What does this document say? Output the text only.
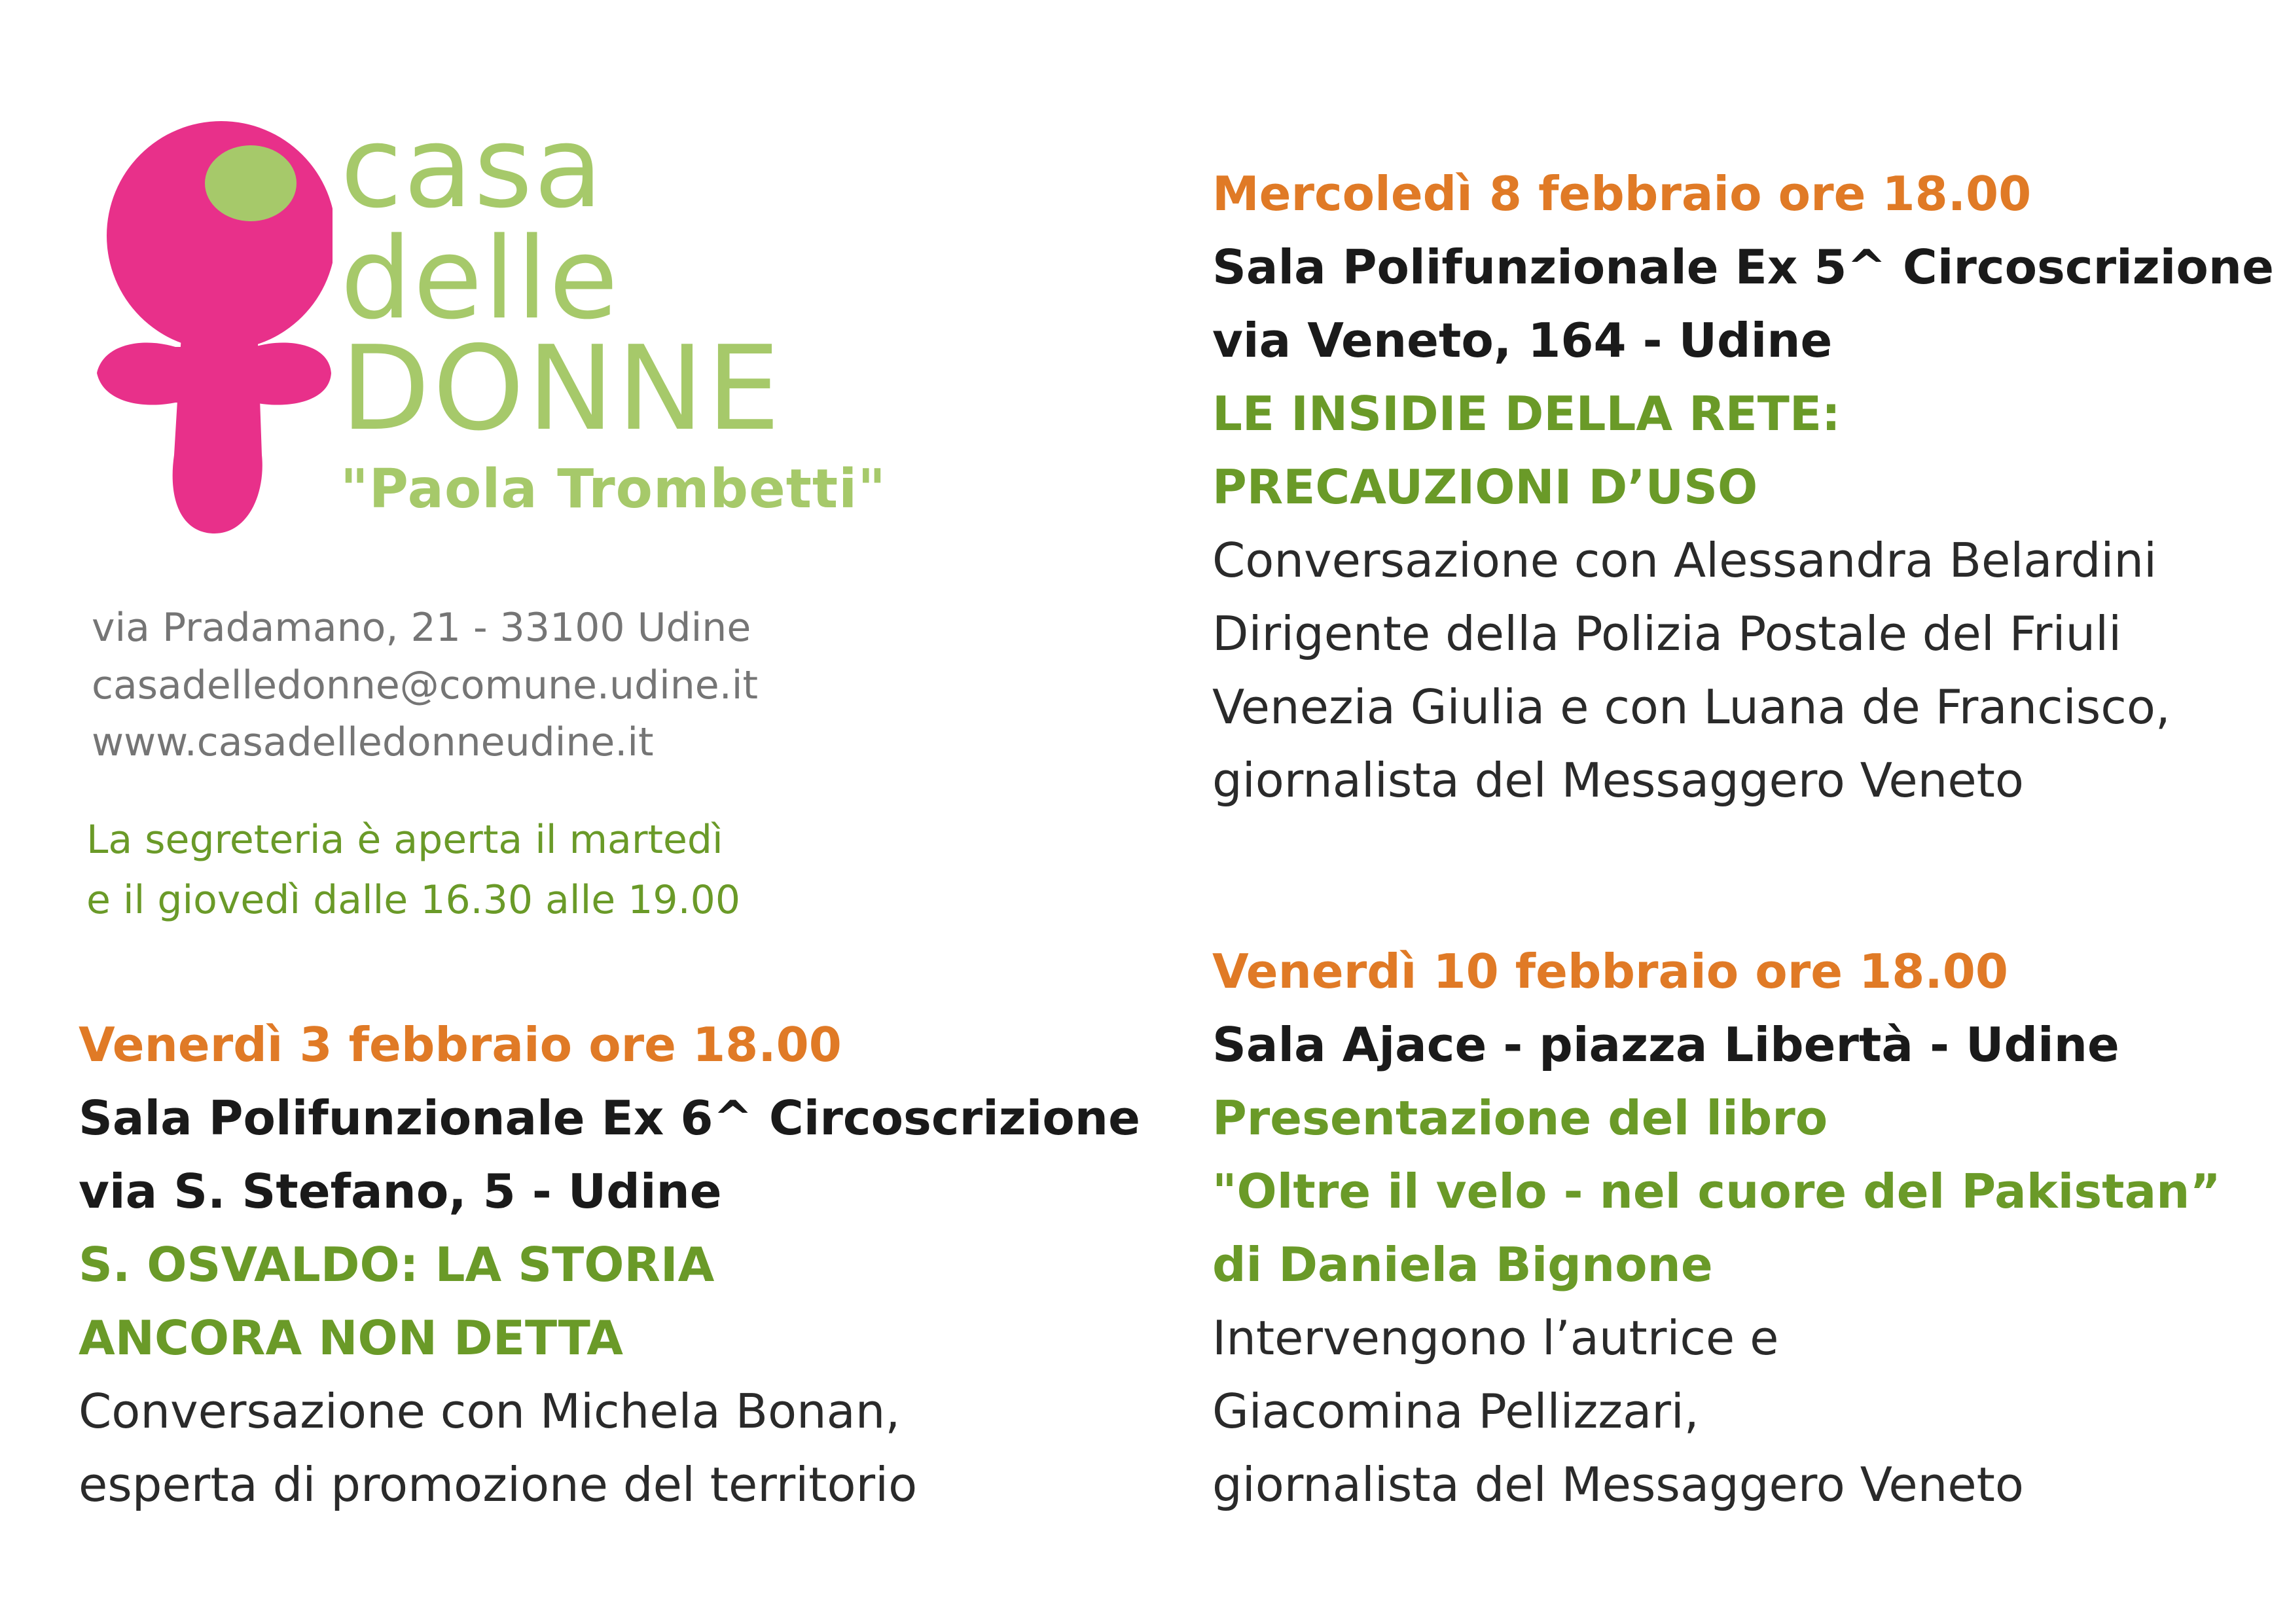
casa
delle
DONNE
"Paola Trombetti"
via Pradamano, 21 - 33100 Udine
casadelledonne@comune.udine.it
www.casadelledonneudine.it
La segreteria è aperta il martedì
e il giovedì dalle 16.30 alle 19.00

Venerdì 3 febbraio ore 18.00

Sala Polifunzionale Ex 6^ Circoscrizione

via S. Stefano, 5 - Udine

S. OSVALDO: LA STORIA

ANCORA NON DETTA

Conversazione con Michela Bonan,

esperta di promozione del territorio

Mercoledì 8 febbraio ore 18.00

Sala Polifunzionale Ex 5^ Circoscrizione

via Veneto, 164 - Udine

LE INSIDIE DELLA RETE:

PRECAUZIONI D’USO

Conversazione con Alessandra Belardini

Dirigente della Polizia Postale del Friuli

Venezia Giulia e con Luana de Francisco,

giornalista del Messaggero Veneto

Venerdì 10 febbraio ore 18.00

Sala Ajace - piazza Libertà - Udine

Presentazione del libro

"Oltre il velo - nel cuore del Pakistan”

di Daniela Bignone

Intervengono l’autrice e

Giacomina Pellizzari,

giornalista del Messaggero Veneto
